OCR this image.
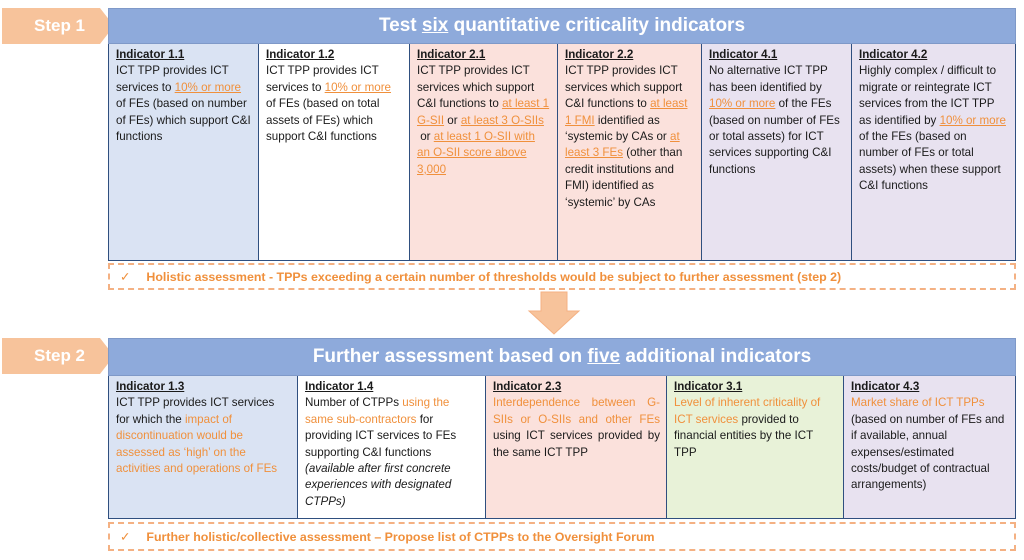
Step 1	Test six quantitative criticality indicators
Indicator 1.1
ICT TPP provides ICT services to 10% or more of FEs (based on number of FEs) which support C&I functions
Indicator 1.2
ICT TPP provides ICT services to 10% or more of FEs (based on total assets of FEs) which support C&I functions
Indicator 2.1
ICT TPP provides ICT services which support C&I functions to at least 1 G-SII or at least 3 O-SIIs or at least 1 O-SII with an O-SII score above 3,000
Indicator 2.2
ICT TPP provides ICT services which support C&I functions to at least 1 FMI identified as ‘systemic by CAs or at least 3 FEs (other than credit institutions and FMI) identified as ‘systemic’ by CAs
Indicator 4.1
No alternative ICT TPP has been identified by 10% or more of the FEs (based on number of FEs or total assets) for ICT services supporting C&I functions
Indicator 4.2
Highly complex / difficult to migrate or reintegrate ICT services from the ICT TPP as identified by 10% or more of the FEs (based on number of FEs or total assets) when these support C&I functions
✓ Holistic assessment - TPPs exceeding a certain number of thresholds would be subject to further assessment (step 2)
Step 2	Further assessment based on five additional indicators
Indicator 1.3
ICT TPP provides ICT services for which the impact of discontinuation would be assessed as ‘high’ on the activities and operations of FEs
Indicator 1.4
Number of CTPPs using the same sub-contractors for providing ICT services to FEs supporting C&I functions (available after first concrete experiences with designated CTPPs)
Indicator 2.3
Interdependence between G-SIIs or O-SIIs and other FEs using ICT services provided by the same ICT TPP
Indicator 3.1
Level of inherent criticality of ICT services provided to financial entities by the ICT TPP
Indicator 4.3
Market share of ICT TPPs (based on number of FEs and if available, annual expenses/estimated costs/budget of contractual arrangements)
✓ Further holistic/collective assessment – Propose list of CTPPs to the Oversight Forum
